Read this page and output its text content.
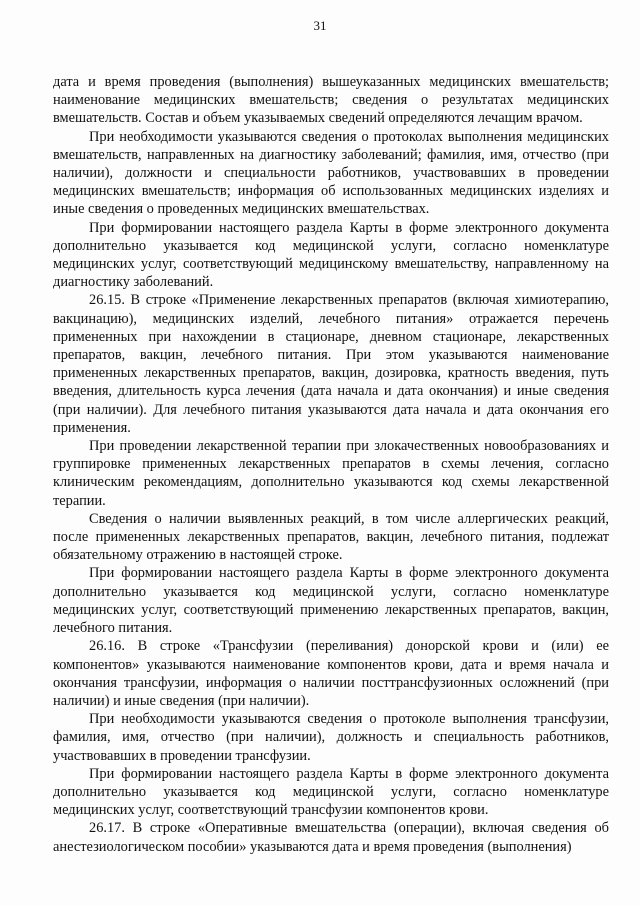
31

дата и время проведения (выполнения) вышеуказанных медицинских вмешательств; наименование медицинских вмешательств; сведения о результатах медицинских вмешательств. Состав и объем указываемых сведений определяются лечащим врачом.

При необходимости указываются сведения о протоколах выполнения медицинских вмешательств, направленных на диагностику заболеваний; фамилия, имя, отчество (при наличии), должности и специальности работников, участвовавших в проведении медицинских вмешательств; информация об использованных медицинских изделиях и иные сведения о проведенных медицинских вмешательствах.

При формировании настоящего раздела Карты в форме электронного документа дополнительно указывается код медицинской услуги, согласно номенклатуре медицинских услуг, соответствующий медицинскому вмешательству, направленному на диагностику заболеваний.

26.15. В строке «Применение лекарственных препаратов (включая химиотерапию, вакцинацию), медицинских изделий, лечебного питания» отражается перечень примененных при нахождении в стационаре, дневном стационаре, лекарственных препаратов, вакцин, лечебного питания. При этом указываются наименование примененных лекарственных препаратов, вакцин, дозировка, кратность введения, путь введения, длительность курса лечения (дата начала и дата окончания) и иные сведения (при наличии). Для лечебного питания указываются дата начала и дата окончания его применения.

При проведении лекарственной терапии при злокачественных новообразованиях и группировке примененных лекарственных препаратов в схемы лечения, согласно клиническим рекомендациям, дополнительно указываются код схемы лекарственной терапии.

Сведения о наличии выявленных реакций, в том числе аллергических реакций, после примененных лекарственных препаратов, вакцин, лечебного питания, подлежат обязательному отражению в настоящей строке.

При формировании настоящего раздела Карты в форме электронного документа дополнительно указывается код медицинской услуги, согласно номенклатуре медицинских услуг, соответствующий применению лекарственных препаратов, вакцин, лечебного питания.

26.16. В строке «Трансфузии (переливания) донорской крови и (или) ее компонентов» указываются наименование компонентов крови, дата и время начала и окончания трансфузии, информация о наличии посттрансфузионных осложнений (при наличии) и иные сведения (при наличии).

При необходимости указываются сведения о протоколе выполнения трансфузии, фамилия, имя, отчество (при наличии), должность и специальность работников, участвовавших в проведении трансфузии.

При формировании настоящего раздела Карты в форме электронного документа дополнительно указывается код медицинской услуги, согласно номенклатуре медицинских услуг, соответствующий трансфузии компонентов крови.

26.17. В строке «Оперативные вмешательства (операции), включая сведения об анестезиологическом пособии» указываются дата и время проведения (выполнения)
